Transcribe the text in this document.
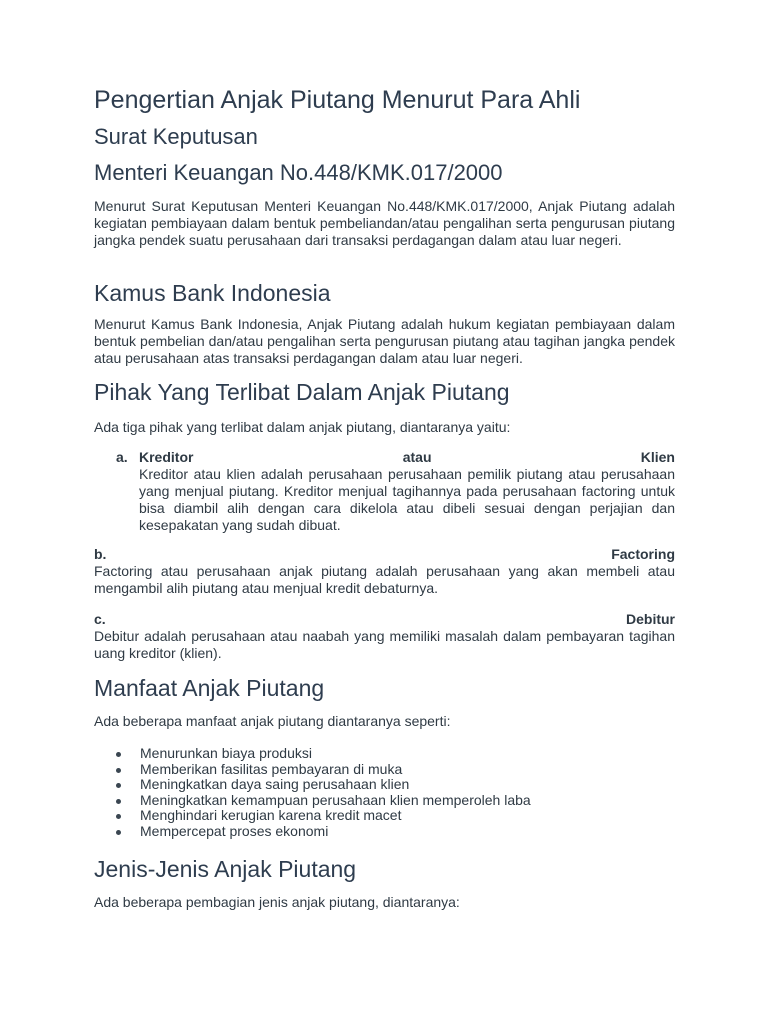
Pengertian Anjak Piutang Menurut Para Ahli
Surat Keputusan
Menteri Keuangan No.448/KMK.017/2000

Menurut Surat Keputusan Menteri Keuangan No.448/KMK.017/2000, Anjak Piutang adalah kegiatan pembiayaan dalam bentuk pembeliandan/atau pengalihan serta pengurusan piutang jangka pendek suatu perusahaan dari transaksi perdagangan dalam atau luar negeri.

Kamus Bank Indonesia

Menurut Kamus Bank Indonesia, Anjak Piutang adalah hukum kegiatan pembiayaan dalam bentuk pembelian dan/atau pengalihan serta pengurusan piutang atau tagihan jangka pendek atau perusahaan atas transaksi perdagangan dalam atau luar negeri.

Pihak Yang Terlibat Dalam Anjak Piutang

Ada tiga pihak yang terlibat dalam anjak piutang, diantaranya yaitu:

a. Kreditor	atau	Klien

Kreditor atau klien adalah perusahaan perusahaan pemilik piutang atau perusahaan yang menjual piutang. Kreditor menjual tagihannya pada perusahaan factoring untuk bisa diambil alih dengan cara dikelola atau dibeli sesuai dengan perjajian dan kesepakatan yang sudah dibuat.

b.	Factoring

Factoring atau perusahaan anjak piutang adalah perusahaan yang akan membeli atau mengambil alih piutang atau menjual kredit debaturnya.

c.	Debitur

Debitur adalah perusahaan atau naabah yang memiliki masalah dalam pembayaran tagihan uang kreditor (klien).

Manfaat Anjak Piutang

Ada beberapa manfaat anjak piutang diantaranya seperti:

Menurunkan biaya produksi
Memberikan fasilitas pembayaran di muka
Meningkatkan daya saing perusahaan klien
Meningkatkan kemampuan perusahaan klien memperoleh laba
Menghindari kerugian karena kredit macet
Mempercepat proses ekonomi
Jenis-Jenis Anjak Piutang

Ada beberapa pembagian jenis anjak piutang, diantaranya:
